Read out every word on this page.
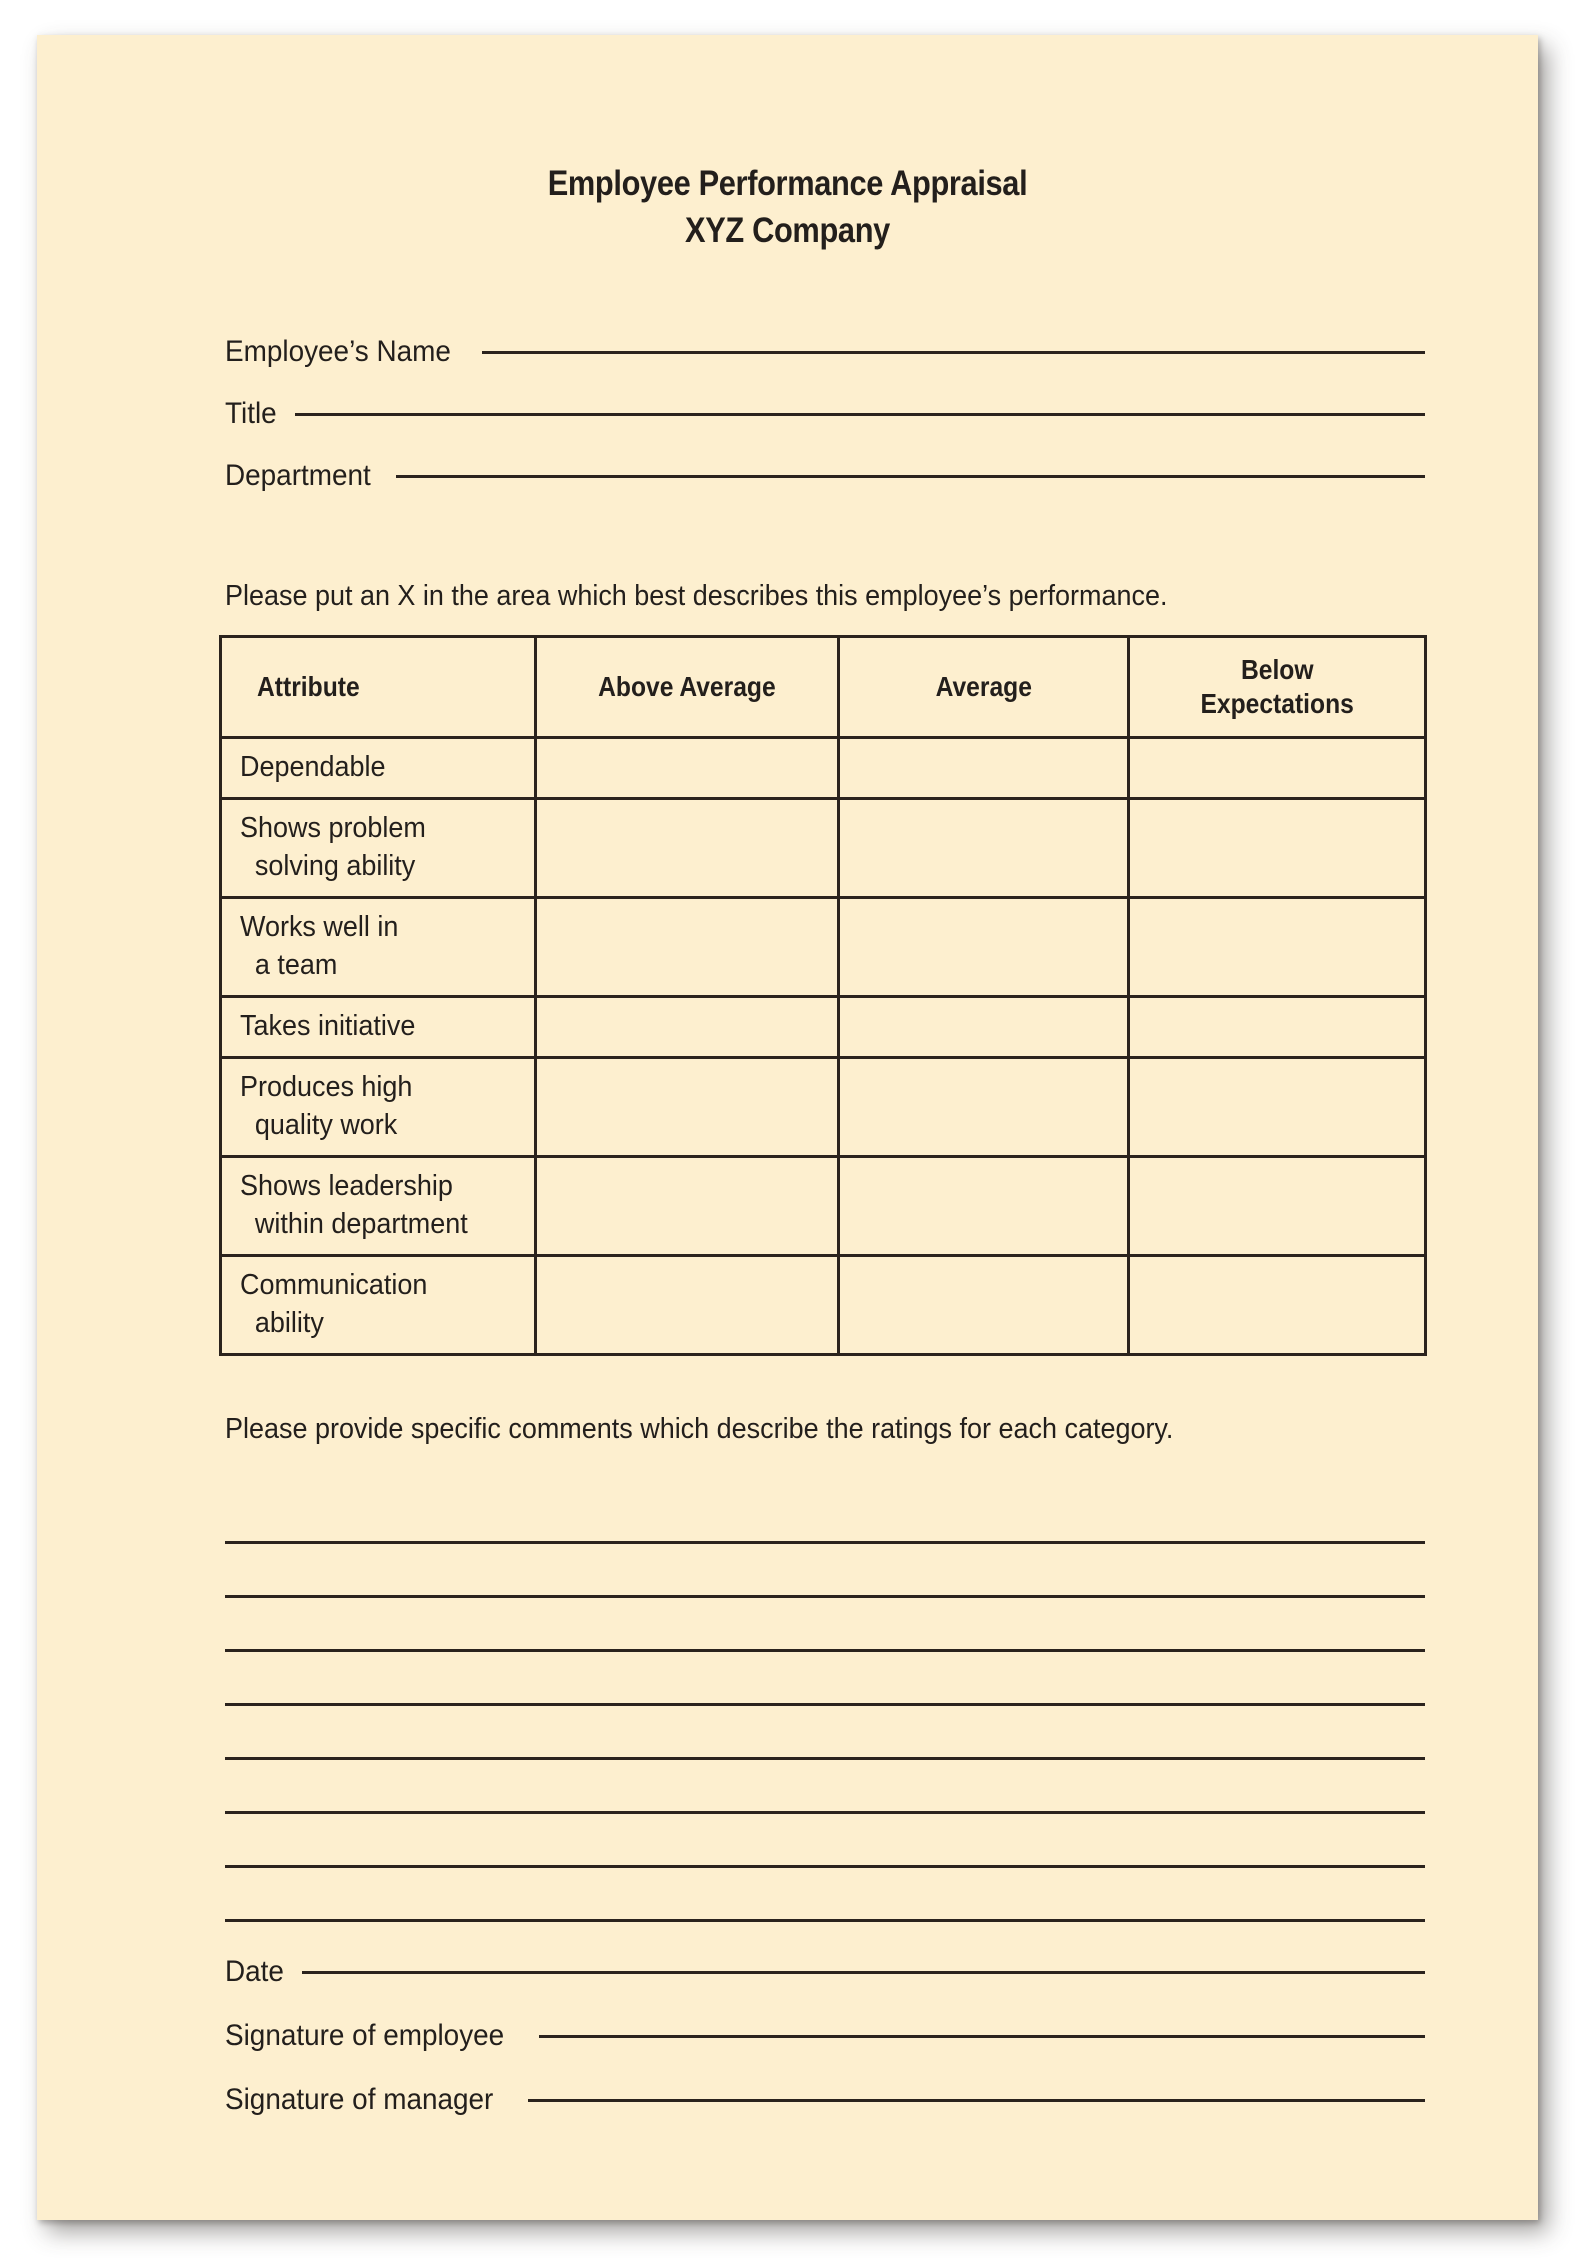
Employee Performance Appraisal
XYZ Company
Employee’s Name
Title
Department
Please put an X in the area which best describes this employee’s performance.
Attribute	Above Average	Average	Below
Expectations

Dependable			

Shows problem
solving ability			

Works well in
a team			

Takes initiative			

Produces high
quality work			

Shows leadership
within department			

Communication
ability			

Please provide specific comments which describe the ratings for each category.
Date
Signature of employee
Signature of manager
